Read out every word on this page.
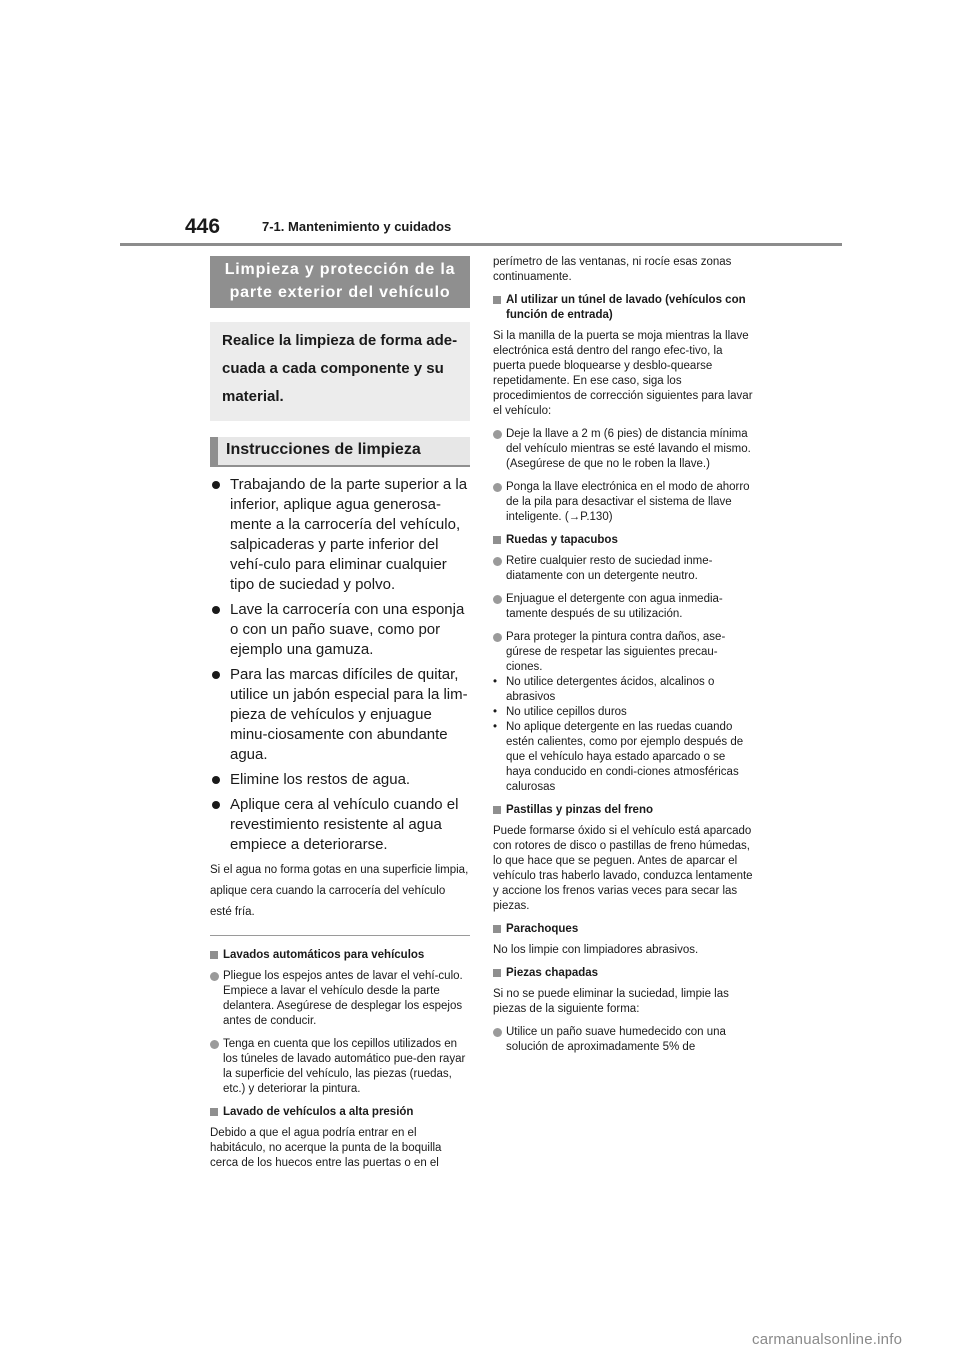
446	7-1. Mantenimiento y cuidados
Limpieza y protección de la parte exterior del vehículo
Realice la limpieza de forma ade-cuada a cada componente y su material.
Instrucciones de limpieza
Trabajando de la parte superior a la inferior, aplique agua generosa-mente a la carrocería del vehículo, salpicaderas y parte inferior del vehí-culo para eliminar cualquier tipo de suciedad y polvo.
Lave la carrocería con una esponja o con un paño suave, como por ejemplo una gamuza.
Para las marcas difíciles de quitar, utilice un jabón especial para la lim-pieza de vehículos y enjuague minu-ciosamente con abundante agua.
Elimine los restos de agua.
Aplique cera al vehículo cuando el revestimiento resistente al agua empiece a deteriorarse.
Si el agua no forma gotas en una superficie limpia, aplique cera cuando la carrocería del vehículo esté fría.
Lavados automáticos para vehículos
Pliegue los espejos antes de lavar el vehí-culo. Empiece a lavar el vehículo desde la parte delantera. Asegúrese de desplegar los espejos antes de conducir.
Tenga en cuenta que los cepillos utilizados en los túneles de lavado automático pue-den rayar la superficie del vehículo, las piezas (ruedas, etc.) y deteriorar la pintura.
Lavado de vehículos a alta presión
Debido a que el agua podría entrar en el habitáculo, no acerque la punta de la boquilla cerca de los huecos entre las puertas o en el
perímetro de las ventanas, ni rocíe esas zonas continuamente.
Al utilizar un túnel de lavado (vehículos con función de entrada)
Si la manilla de la puerta se moja mientras la llave electrónica está dentro del rango efec-tivo, la puerta puede bloquearse y desblo-quearse repetidamente. En ese caso, siga los procedimientos de corrección siguientes para lavar el vehículo:
Deje la llave a 2 m (6 pies) de distancia mínima del vehículo mientras se esté lavando el mismo. (Asegúrese de que no le roben la llave.)
Ponga la llave electrónica en el modo de ahorro de la pila para desactivar el sistema de llave inteligente. (→P.130)
Ruedas y tapacubos
Retire cualquier resto de suciedad inme-diatamente con un detergente neutro.
Enjuague el detergente con agua inmedia-tamente después de su utilización.
Para proteger la pintura contra daños, ase-gúrese de respetar las siguientes precau-ciones.
• No utilice detergentes ácidos, alcalinos o abrasivos
• No utilice cepillos duros
• No aplique detergente en las ruedas cuando estén calientes, como por ejemplo después de que el vehículo haya estado aparcado o se haya conducido en condi-ciones atmosféricas calurosas
Pastillas y pinzas del freno
Puede formarse óxido si el vehículo está aparcado con rotores de disco o pastillas de freno húmedas, lo que hace que se peguen. Antes de aparcar el vehículo tras haberlo lavado, conduzca lentamente y accione los frenos varias veces para secar las piezas.
Parachoques
No los limpie con limpiadores abrasivos.
Piezas chapadas
Si no se puede eliminar la suciedad, limpie las piezas de la siguiente forma:
Utilice un paño suave humedecido con una solución de aproximadamente 5% de
carmanualsonline.info
